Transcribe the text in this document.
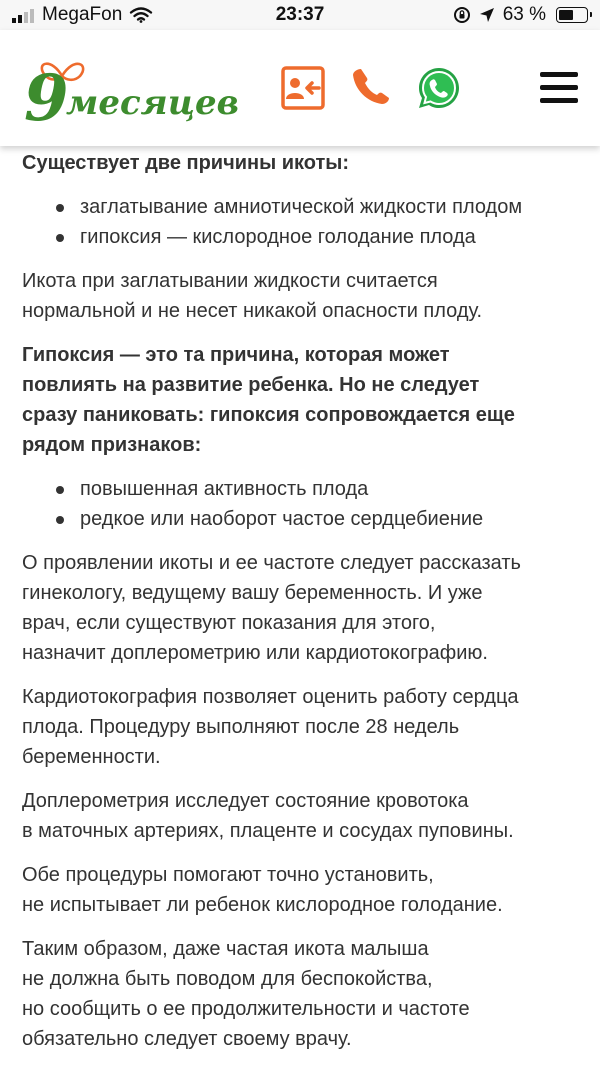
MegaFon	23:37	63 %
9
месяцев

Существует две причины икоты:

заглатывание амниотической жидкости плодом
гипоксия — кислородное голодание плода

Икота при заглатывании жидкости считается
нормальной и не несет никакой опасности плоду.

Гипоксия — это та причина, которая может
повлиять на развитие ребенка. Но не следует
сразу паниковать: гипоксия сопровождается еще
рядом признаков:

повышенная активность плода
редкое или наоборот частое сердцебиение

О проявлении икоты и ее частоте следует рассказать
гинекологу, ведущему вашу беременность. И уже
врач, если существуют показания для этого,
назначит доплерометрию или кардиотокографию.

Кардиотокография позволяет оценить работу сердца
плода. Процедуру выполняют после 28 недель
беременности.

Доплерометрия исследует состояние кровотока
в маточных артериях, плаценте и сосудах пуповины.

Обе процедуры помогают точно установить,
не испытывает ли ребенок кислородное голодание.

Таким образом, даже частая икота малыша
не должна быть поводом для беспокойства,
но сообщить о ее продолжительности и частоте
обязательно следует своему врачу.
